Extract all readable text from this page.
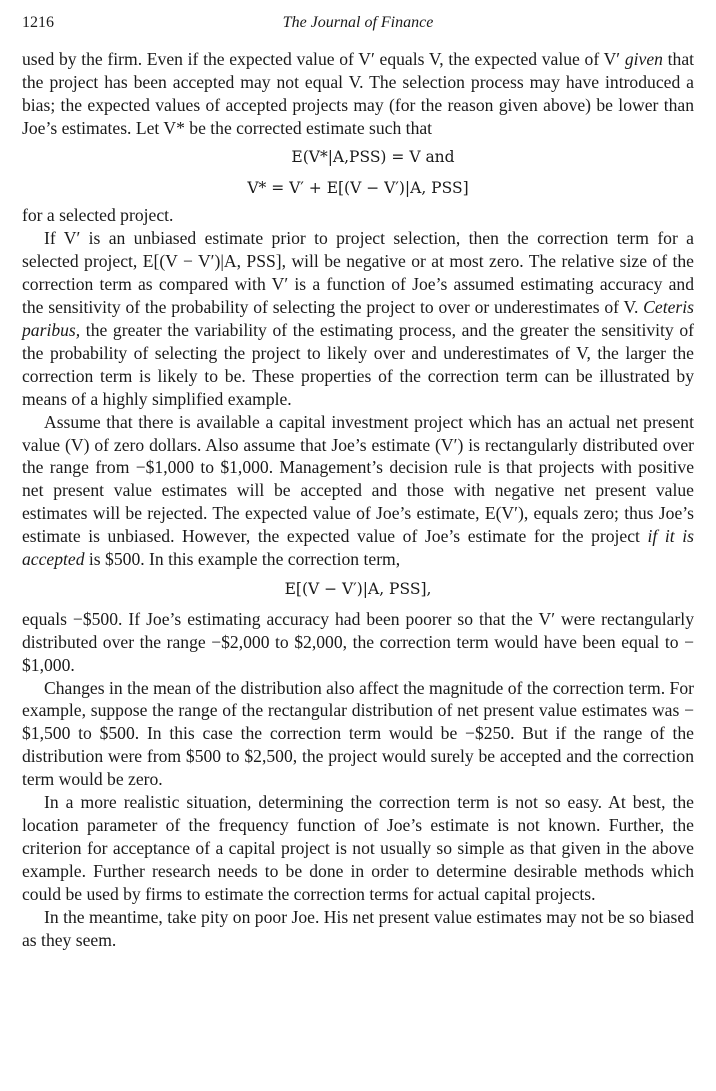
1216	The Journal of Finance

used by the firm. Even if the expected value of V′ equals V, the expected value of V′ given that the project has been accepted may not equal V. The selection process may have introduced a bias; the expected values of accepted projects may (for the reason given above) be lower than Joe’s estimates. Let V* be the corrected estimate such that

E(V*|A,PSS) = V and
V* = V′ + E[(V − V′)|A, PSS]

for a selected project.

If V′ is an unbiased estimate prior to project selection, then the correction term for a selected project, E[(V − V′)|A, PSS], will be negative or at most zero. The relative size of the correction term as compared with V′ is a function of Joe’s assumed estimating accuracy and the sensitivity of the probability of selecting the project to over or underestimates of V. Ceteris paribus, the greater the variability of the estimating process, and the greater the sensitivity of the probability of selecting the project to likely over and underestimates of V, the larger the correction term is likely to be. These properties of the correction term can be illustrated by means of a highly simplified example.

Assume that there is available a capital investment project which has an actual net present value (V) of zero dollars. Also assume that Joe’s estimate (V′) is rectangularly distributed over the range from −$1,000 to $1,000. Management’s decision rule is that projects with positive net present value estimates will be accepted and those with negative net present value estimates will be rejected. The expected value of Joe’s estimate, E(V′), equals zero; thus Joe’s estimate is unbiased. However, the expected value of Joe’s estimate for the project if it is accepted is $500. In this example the correction term,

E[(V − V′)|A, PSS],

equals −$500. If Joe’s estimating accuracy had been poorer so that the V′ were rectangularly distributed over the range −$2,000 to $2,000, the correction term would have been equal to −$1,000.

Changes in the mean of the distribution also affect the magnitude of the correction term. For example, suppose the range of the rectangular distribution of net present value estimates was −$1,500 to $500. In this case the correction term would be −$250. But if the range of the distribution were from $500 to $2,500, the project would surely be accepted and the correction term would be zero.

In a more realistic situation, determining the correction term is not so easy. At best, the location parameter of the frequency function of Joe’s estimate is not known. Further, the criterion for acceptance of a capital project is not usually so simple as that given in the above example. Further research needs to be done in order to determine desirable methods which could be used by firms to estimate the correction terms for actual capital projects.

In the meantime, take pity on poor Joe. His net present value estimates may not be so biased as they seem.
